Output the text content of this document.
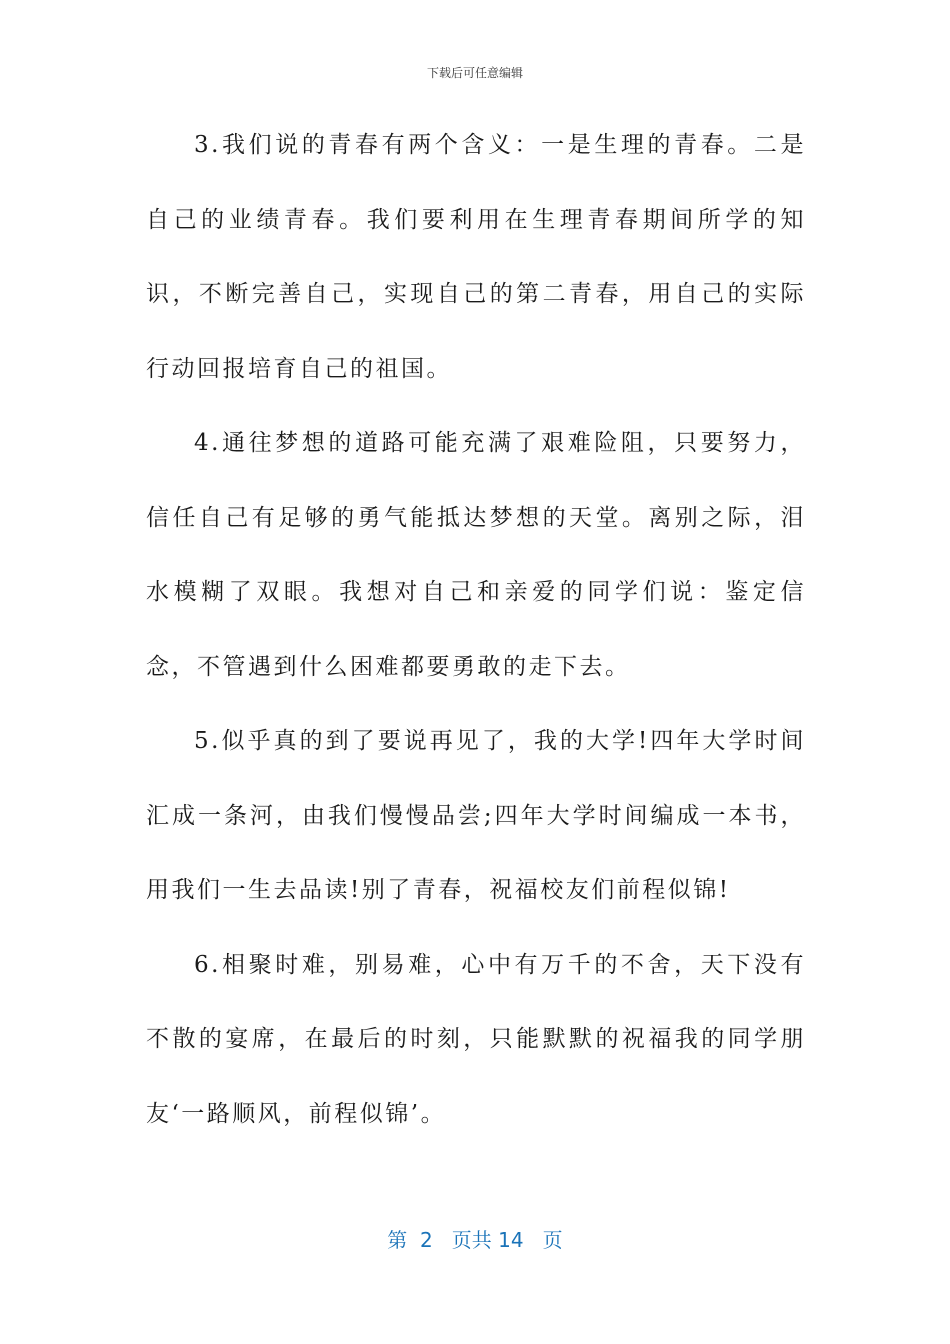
下载后可任意编辑

3.我们说的青春有两个含义：一是生理的青春。二是自己的业绩青春。我们要利用在生理青春期间所学的知识，不断完善自己，实现自己的第二青春，用自己的实际行动回报培育自己的祖国。

4.通往梦想的道路可能充满了艰难险阻，只要努力，信任自己有足够的勇气能抵达梦想的天堂。离别之际，泪水模糊了双眼。我想对自己和亲爱的同学们说：鉴定信念，不管遇到什么困难都要勇敢的走下去。

5.似乎真的到了要说再见了，我的大学!四年大学时间汇成一条河，由我们慢慢品尝;四年大学时间编成一本书，用我们一生去品读!别了青春，祝福校友们前程似锦!

6.相聚时难，别易难，心中有万千的不舍，天下没有不散的宴席，在最后的时刻，只能默默的祝福我的同学朋友‘一路顺风，前程似锦’。

第  2   页共 14   页
